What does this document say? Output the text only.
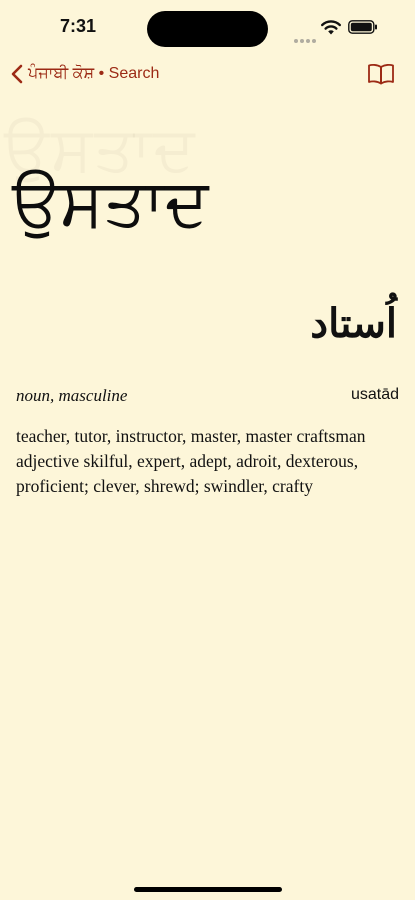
7:31
ਪੰਜਾਬੀ ਕੋਸ਼ • Search
ਉਸਤਾਦ
ਉਸਤਾਦ
اُستاد
noun, masculine	usatād
teacher, tutor, instructor, master, master craftsman adjective skilful, expert, adept, adroit, dexterous, proficient; clever, shrewd; swindler, crafty
